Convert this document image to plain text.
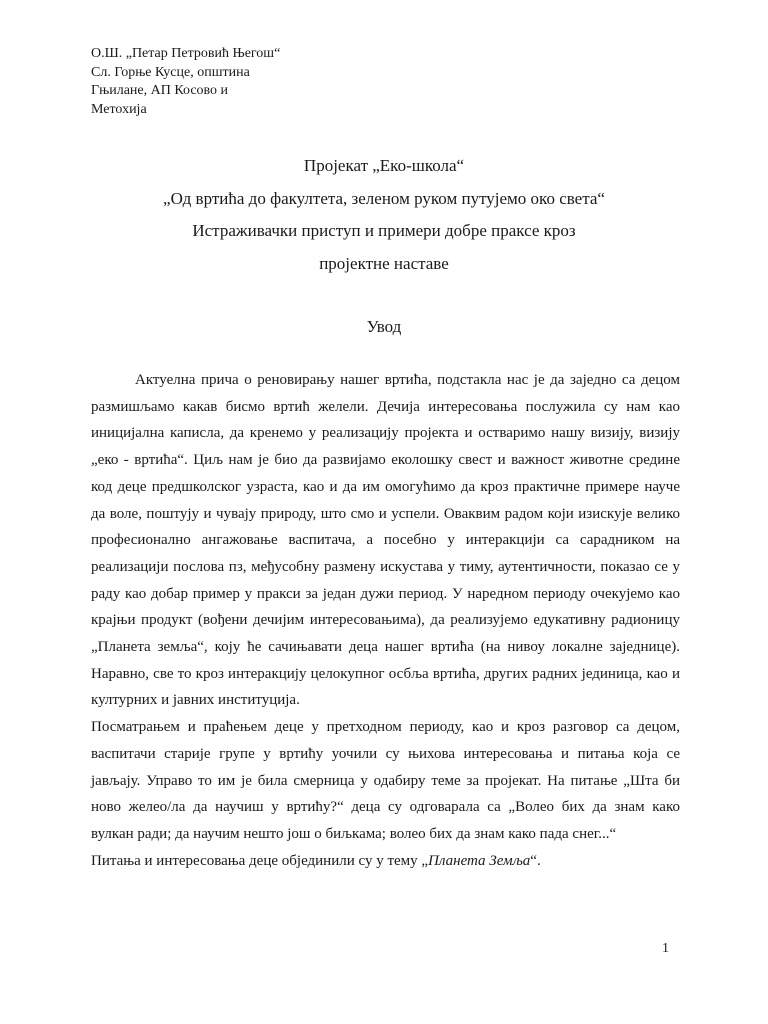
О.Ш. „Петар Петровић Његош“
Сл. Горње Кусце, општина
Гњилане, АП Косово и
Метохија
Пројекат „Еко-школа“
„Од вртића до факултета, зеленом руком путујемо око света“
Истраживачки приступ и примери добре праксе кроз
пројектне наставе
Увод
Актуелна прича о реновирању нашег вртића, подстакла нас је да заједно са децом
размишљамо какав бисмо вртић желели. Дечија интересовања послужила су нам као
иницијална каписла, да кренемо у реализацију пројекта и остваримо нашу визију, визију
„еко - вртића“. Циљ нам је био да развијамо еколошку свест и важност животне средине
код деце предшколског узраста, као и да им омогућимо да кроз практичне примере науче
да воле, поштују и чувају природу, што смо и успели. Оваквим радом који изискује велико
професионално ангажовање васпитача, а посебно у интеракцији са сарадником на
реализацији послова пз, међусобну размену искустава у тиму, аутентичности, показао се у
раду као добар пример у пракси за један дужи период. У наредном периоду очекујемо као
крајњи продукт (вођени дечијим интересовањима), да реализујемо едукативну радионицу
„Планета земља“, коју ће сачињавати деца нашег вртића (на нивоу локалне заједнице).
Наравно, све то кроз интеракцију целокупног осбља вртића, других радних јединица, као и
културних и јавних институција.
Посматрањем и праћењем деце у претходном периоду, као и кроз разговор са децом,
васпитачи старије групе у вртићу уочили су њихова интересовања и питања која се
јављају. Управо то им је била смерница у одабиру теме за пројекат. На питање „Шта би
ново желео/ла да научиш у вртићу?“ деца су одговарала са „Волео бих да знам како
вулкан ради; да научим нешто још о биљкама; волео бих да знам како пада снег...“
Питања и интересовања деце објединили су у тему „Планета Земља“.
1
